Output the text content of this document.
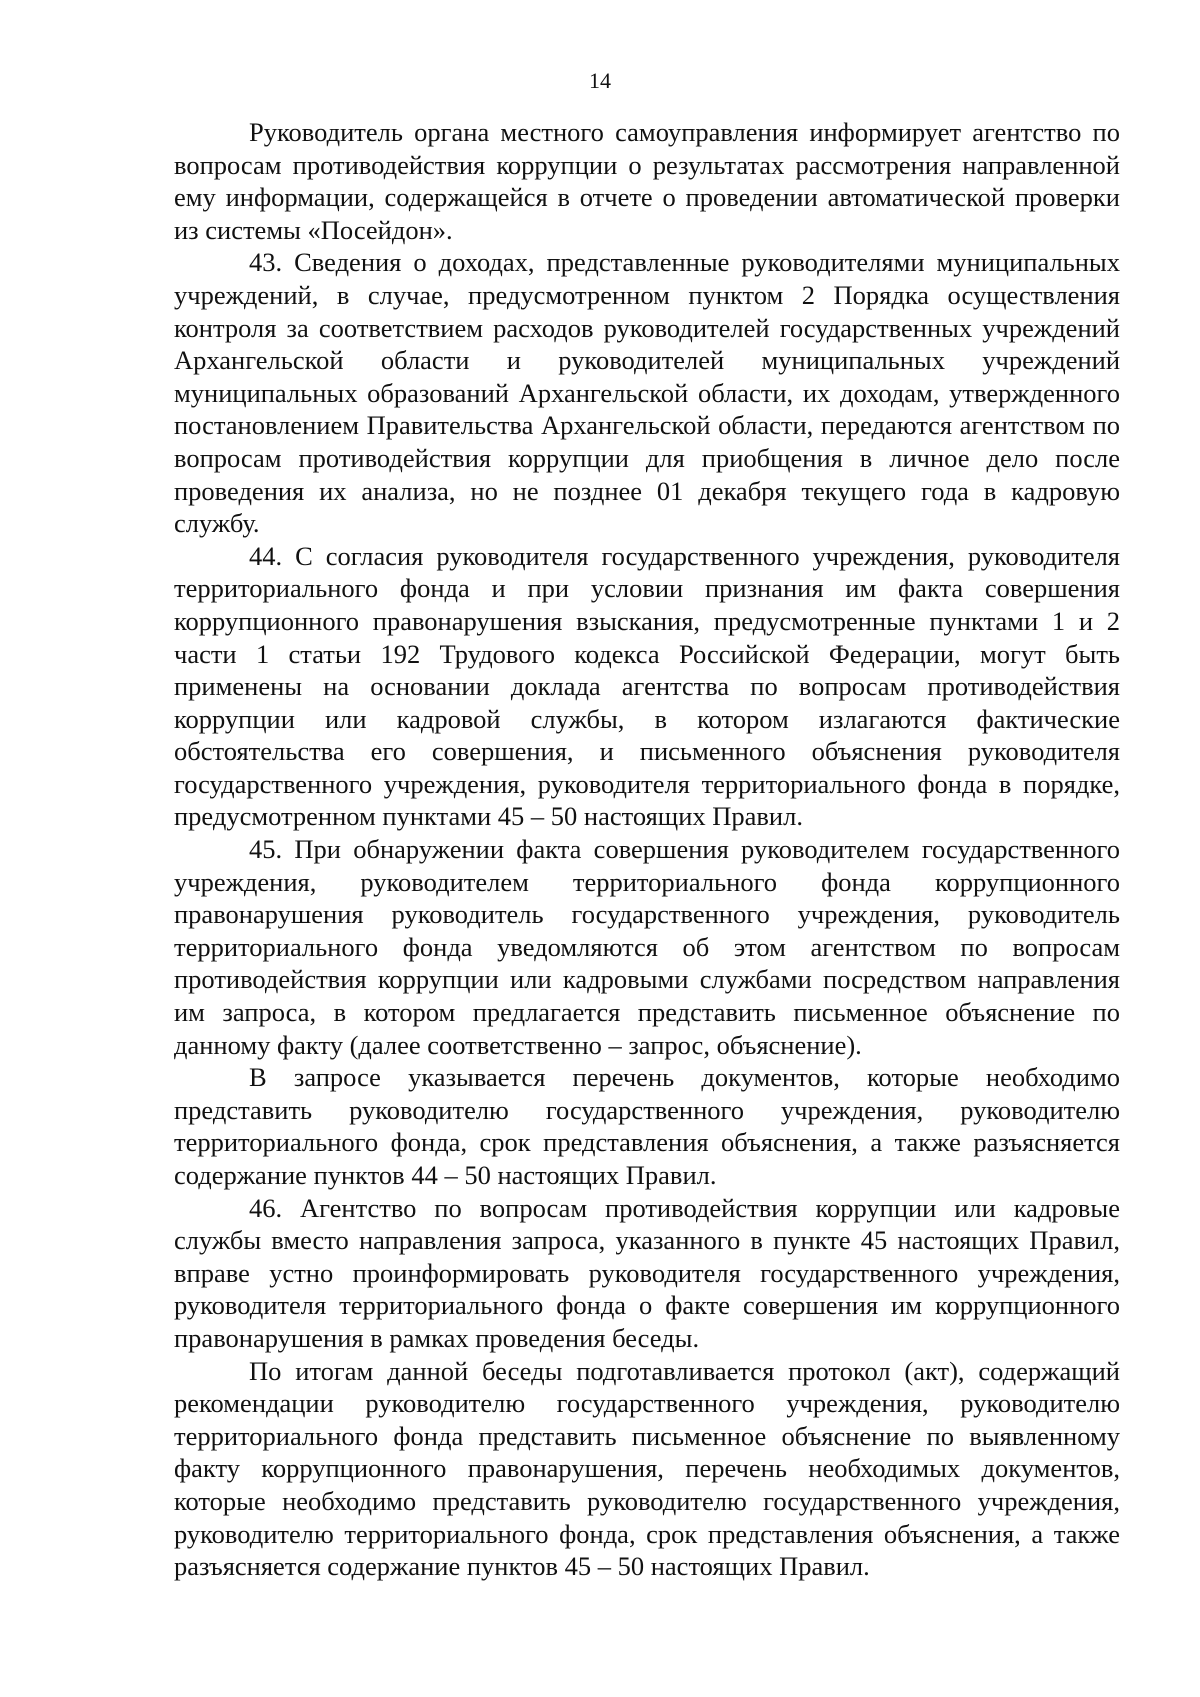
14

Руководитель органа местного самоуправления информирует агентство по вопросам противодействия коррупции о результатах рассмотрения направленной ему информации, содержащейся в отчете о проведении автоматической проверки из системы «Посейдон».

43. Сведения о доходах, представленные руководителями муниципальных учреждений, в случае, предусмотренном пунктом 2 Порядка осуществления контроля за соответствием расходов руководителей государственных учреждений Архангельской области и руководителей муниципальных учреждений муниципальных образований Архангельской области, их доходам, утвержденного постановлением Правительства Архангельской области, передаются агентством по вопросам противодействия коррупции для приобщения в личное дело после проведения их анализа, но не позднее 01 декабря текущего года в кадровую службу.

44. С согласия руководителя государственного учреждения, руководителя территориального фонда и при условии признания им факта совершения коррупционного правонарушения взыскания, предусмотренные пунктами 1 и 2 части 1 статьи 192 Трудового кодекса Российской Федерации, могут быть применены на основании доклада агентства по вопросам противодействия коррупции или кадровой службы, в котором излагаются фактические обстоятельства его совершения, и письменного объяснения руководителя государственного учреждения, руководителя территориального фонда в порядке, предусмотренном пунктами 45 – 50 настоящих Правил.

45. При обнаружении факта совершения руководителем государственного учреждения, руководителем территориального фонда коррупционного правонарушения руководитель государственного учреждения, руководитель территориального фонда уведомляются об этом агентством по вопросам противодействия коррупции или кадровыми службами посредством направления им запроса, в котором предлагается представить письменное объяснение по данному факту (далее соответственно – запрос, объяснение).

В запросе указывается перечень документов, которые необходимо представить руководителю государственного учреждения, руководителю территориального фонда, срок представления объяснения, а также разъясняется содержание пунктов 44 – 50 настоящих Правил.

46. Агентство по вопросам противодействия коррупции или кадровые службы вместо направления запроса, указанного в пункте 45 настоящих Правил, вправе устно проинформировать руководителя государственного учреждения, руководителя территориального фонда о факте совершения им коррупционного правонарушения в рамках проведения беседы.

По итогам данной беседы подготавливается протокол (акт), содержащий рекомендации руководителю государственного учреждения, руководителю территориального фонда представить письменное объяснение по выявленному факту коррупционного правонарушения, перечень необходимых документов, которые необходимо представить руководителю государственного учреждения, руководителю территориального фонда, срок представления объяснения, а также разъясняется содержание пунктов 45 – 50 настоящих Правил.
